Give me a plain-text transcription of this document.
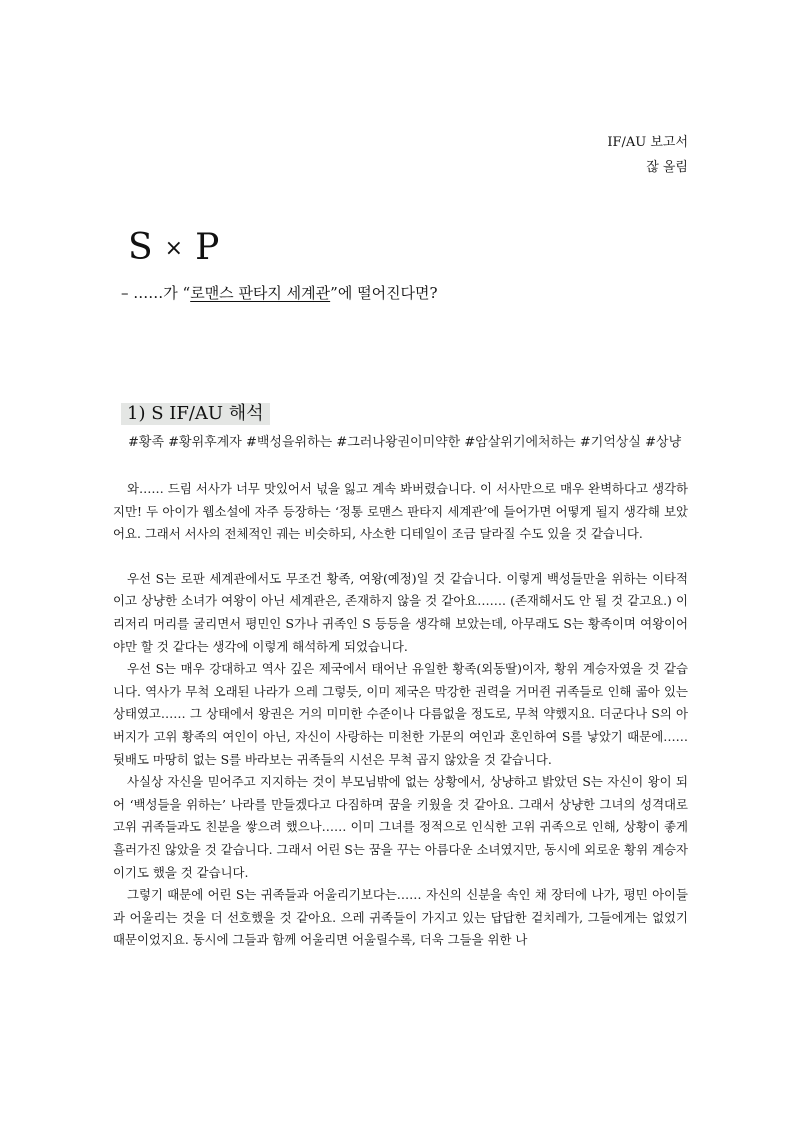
IF/AU 보고서
잖 올림
S × P
– ……가 “로맨스 판타지 세계관”에 떨어진다면?
1) S IF/AU 해석
#황족 #황위후계자 #백성을위하는 #그러나왕권이미약한 #암살위기에처하는 #기억상실 #상냥

와…… 드림 서사가 너무 맛있어서 넋을 잃고 계속 봐버렸습니다. 이 서사만으로 매우 완벽하다고 생각하지만! 두 아이가 웹소설에 자주 등장하는 ‘정통 로맨스 판타지 세계관’에 들어가면 어떻게 될지 생각해 보았어요. 그래서 서사의 전체적인 궤는 비슷하되, 사소한 디테일이 조금 달라질 수도 있을 것 같습니다.

우선 S는 로판 세계관에서도 무조건 황족, 여왕(예정)일 것 같습니다. 이렇게 백성들만을 위하는 이타적이고 상냥한 소녀가 여왕이 아닌 세계관은, 존재하지 않을 것 같아요……. (존재해서도 안 될 것 같고요.) 이리저리 머리를 굴리면서 평민인 S가나 귀족인 S 등등을 생각해 보았는데, 아무래도 S는 황족이며 여왕이어야만 할 것 같다는 생각에 이렇게 해석하게 되었습니다.

우선 S는 매우 강대하고 역사 깊은 제국에서 태어난 유일한 황족(외동딸)이자, 황위 계승자였을 것 같습니다. 역사가 무척 오래된 나라가 으레 그렇듯, 이미 제국은 막강한 권력을 거머쥔 귀족들로 인해 곪아 있는 상태였고…… 그 상태에서 왕권은 거의 미미한 수준이나 다름없을 정도로, 무척 약했지요. 더군다나 S의 아버지가 고위 황족의 여인이 아닌, 자신이 사랑하는 미천한 가문의 여인과 혼인하여 S를 낳았기 때문에…… 뒷배도 마땅히 없는 S를 바라보는 귀족들의 시선은 무척 곱지 않았을 것 같습니다.

사실상 자신을 믿어주고 지지하는 것이 부모님밖에 없는 상황에서, 상냥하고 밝았던 S는 자신이 왕이 되어 ‘백성들을 위하는’ 나라를 만들겠다고 다짐하며 꿈을 키웠을 것 같아요. 그래서 상냥한 그녀의 성격대로 고위 귀족들과도 친분을 쌓으려 했으나…… 이미 그녀를 정적으로 인식한 고위 귀족으로 인해, 상황이 좋게 흘러가진 않았을 것 같습니다. 그래서 어린 S는 꿈을 꾸는 아름다운 소녀였지만, 동시에 외로운 황위 계승자이기도 했을 것 같습니다.

그렇기 때문에 어린 S는 귀족들과 어울리기보다는…… 자신의 신분을 속인 채 장터에 나가, 평민 아이들과 어울리는 것을 더 선호했을 것 같아요. 으레 귀족들이 가지고 있는 답답한 겉치레가, 그들에게는 없었기 때문이었지요. 동시에 그들과 함께 어울리면 어울릴수록, 더욱 그들을 위한 나
